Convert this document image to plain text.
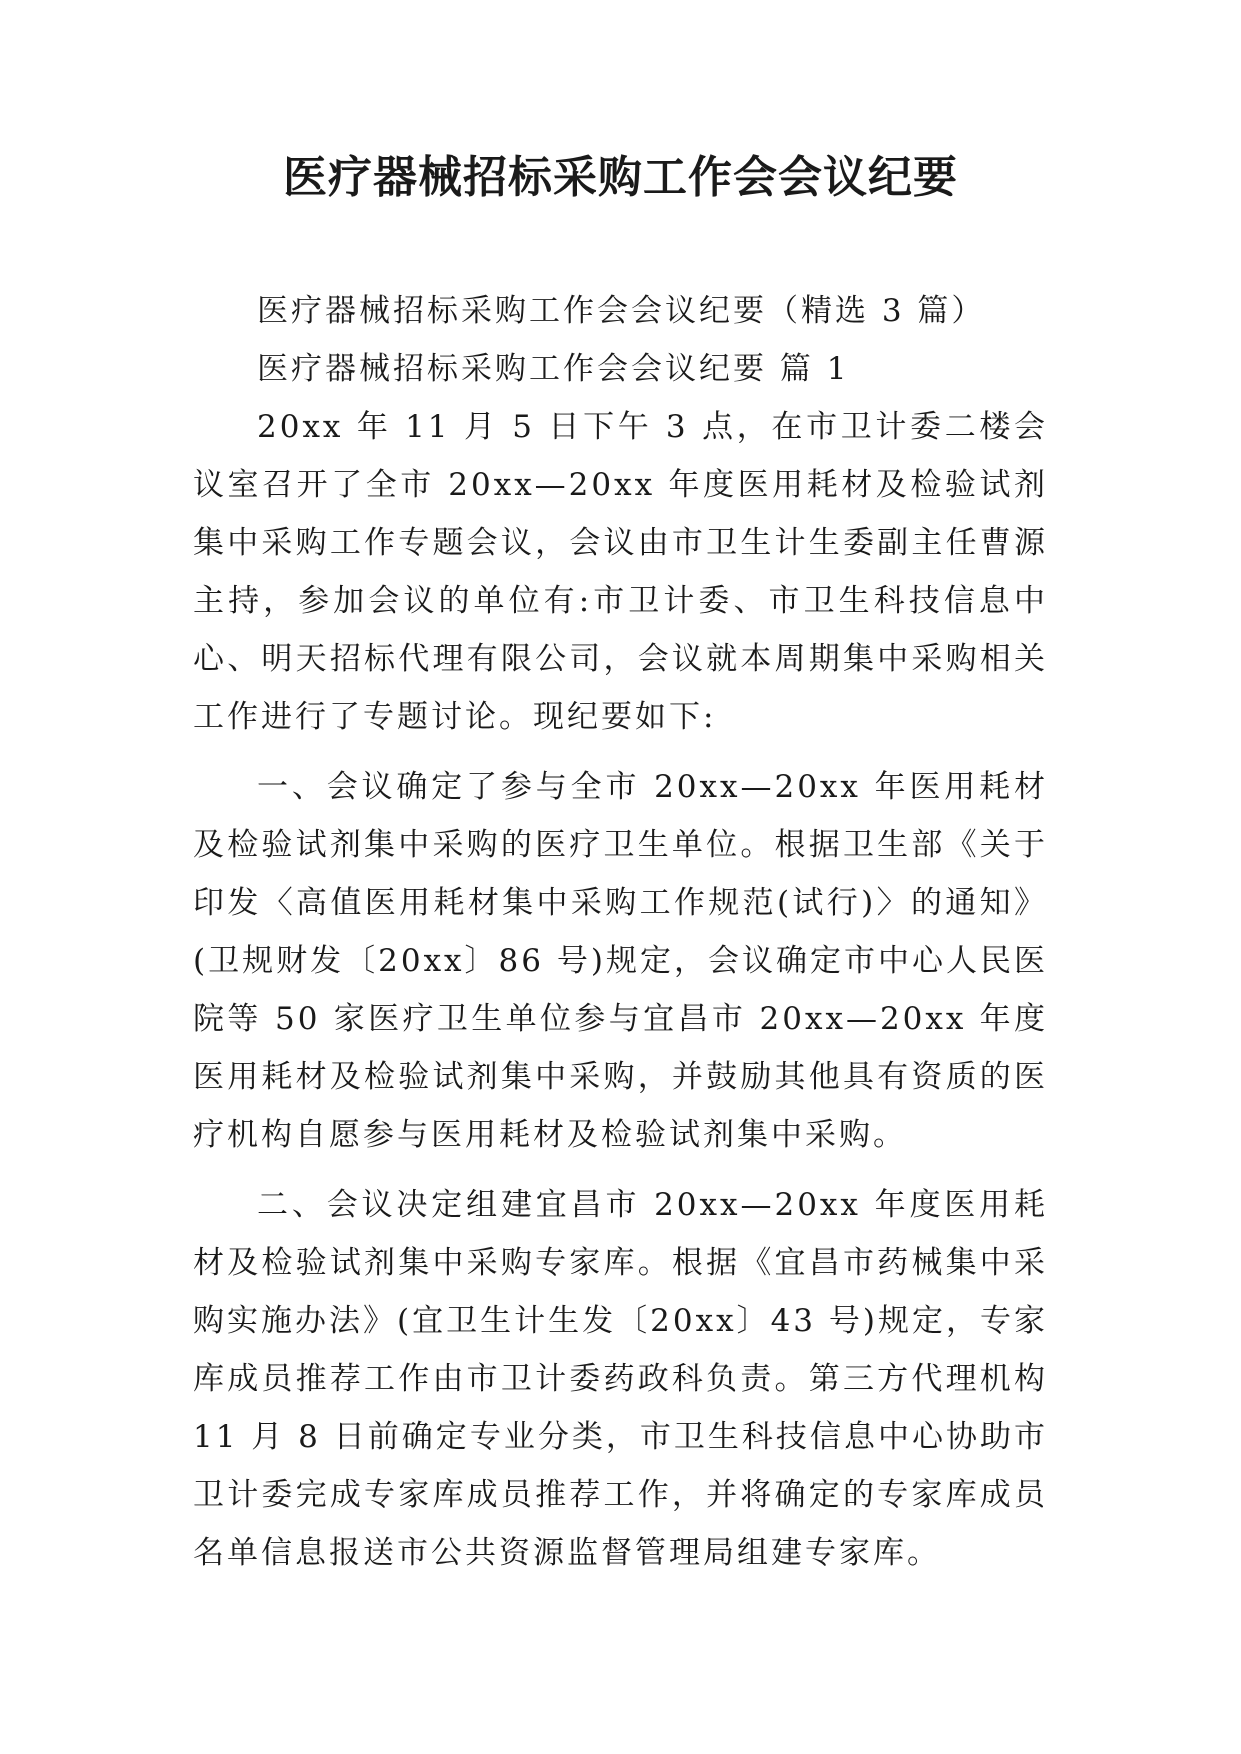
医疗器械招标采购工作会会议纪要

医疗器械招标采购工作会会议纪要（精选 3 篇）

医疗器械招标采购工作会会议纪要 篇 1

20xx 年 11 月 5 日下午 3 点，在市卫计委二楼会议室召开了全市 20xx—20xx 年度医用耗材及检验试剂集中采购工作专题会议，会议由市卫生计生委副主任曹源主持，参加会议的单位有:市卫计委、市卫生科技信息中心、明天招标代理有限公司，会议就本周期集中采购相关工作进行了专题讨论。现纪要如下:

一、会议确定了参与全市 20xx—20xx 年医用耗材及检验试剂集中采购的医疗卫生单位。根据卫生部《关于印发〈高值医用耗材集中采购工作规范(试行)〉的通知》(卫规财发〔20xx〕86 号)规定，会议确定市中心人民医院等 50 家医疗卫生单位参与宜昌市 20xx—20xx 年度医用耗材及检验试剂集中采购，并鼓励其他具有资质的医疗机构自愿参与医用耗材及检验试剂集中采购。

二、会议决定组建宜昌市 20xx—20xx 年度医用耗材及检验试剂集中采购专家库。根据《宜昌市药械集中采购实施办法》(宜卫生计生发〔20xx〕43 号)规定，专家库成员推荐工作由市卫计委药政科负责。第三方代理机构 11 月 8 日前确定专业分类，市卫生科技信息中心协助市卫计委完成专家库成员推荐工作，并将确定的专家库成员名单信息报送市公共资源监督管理局组建专家库。
